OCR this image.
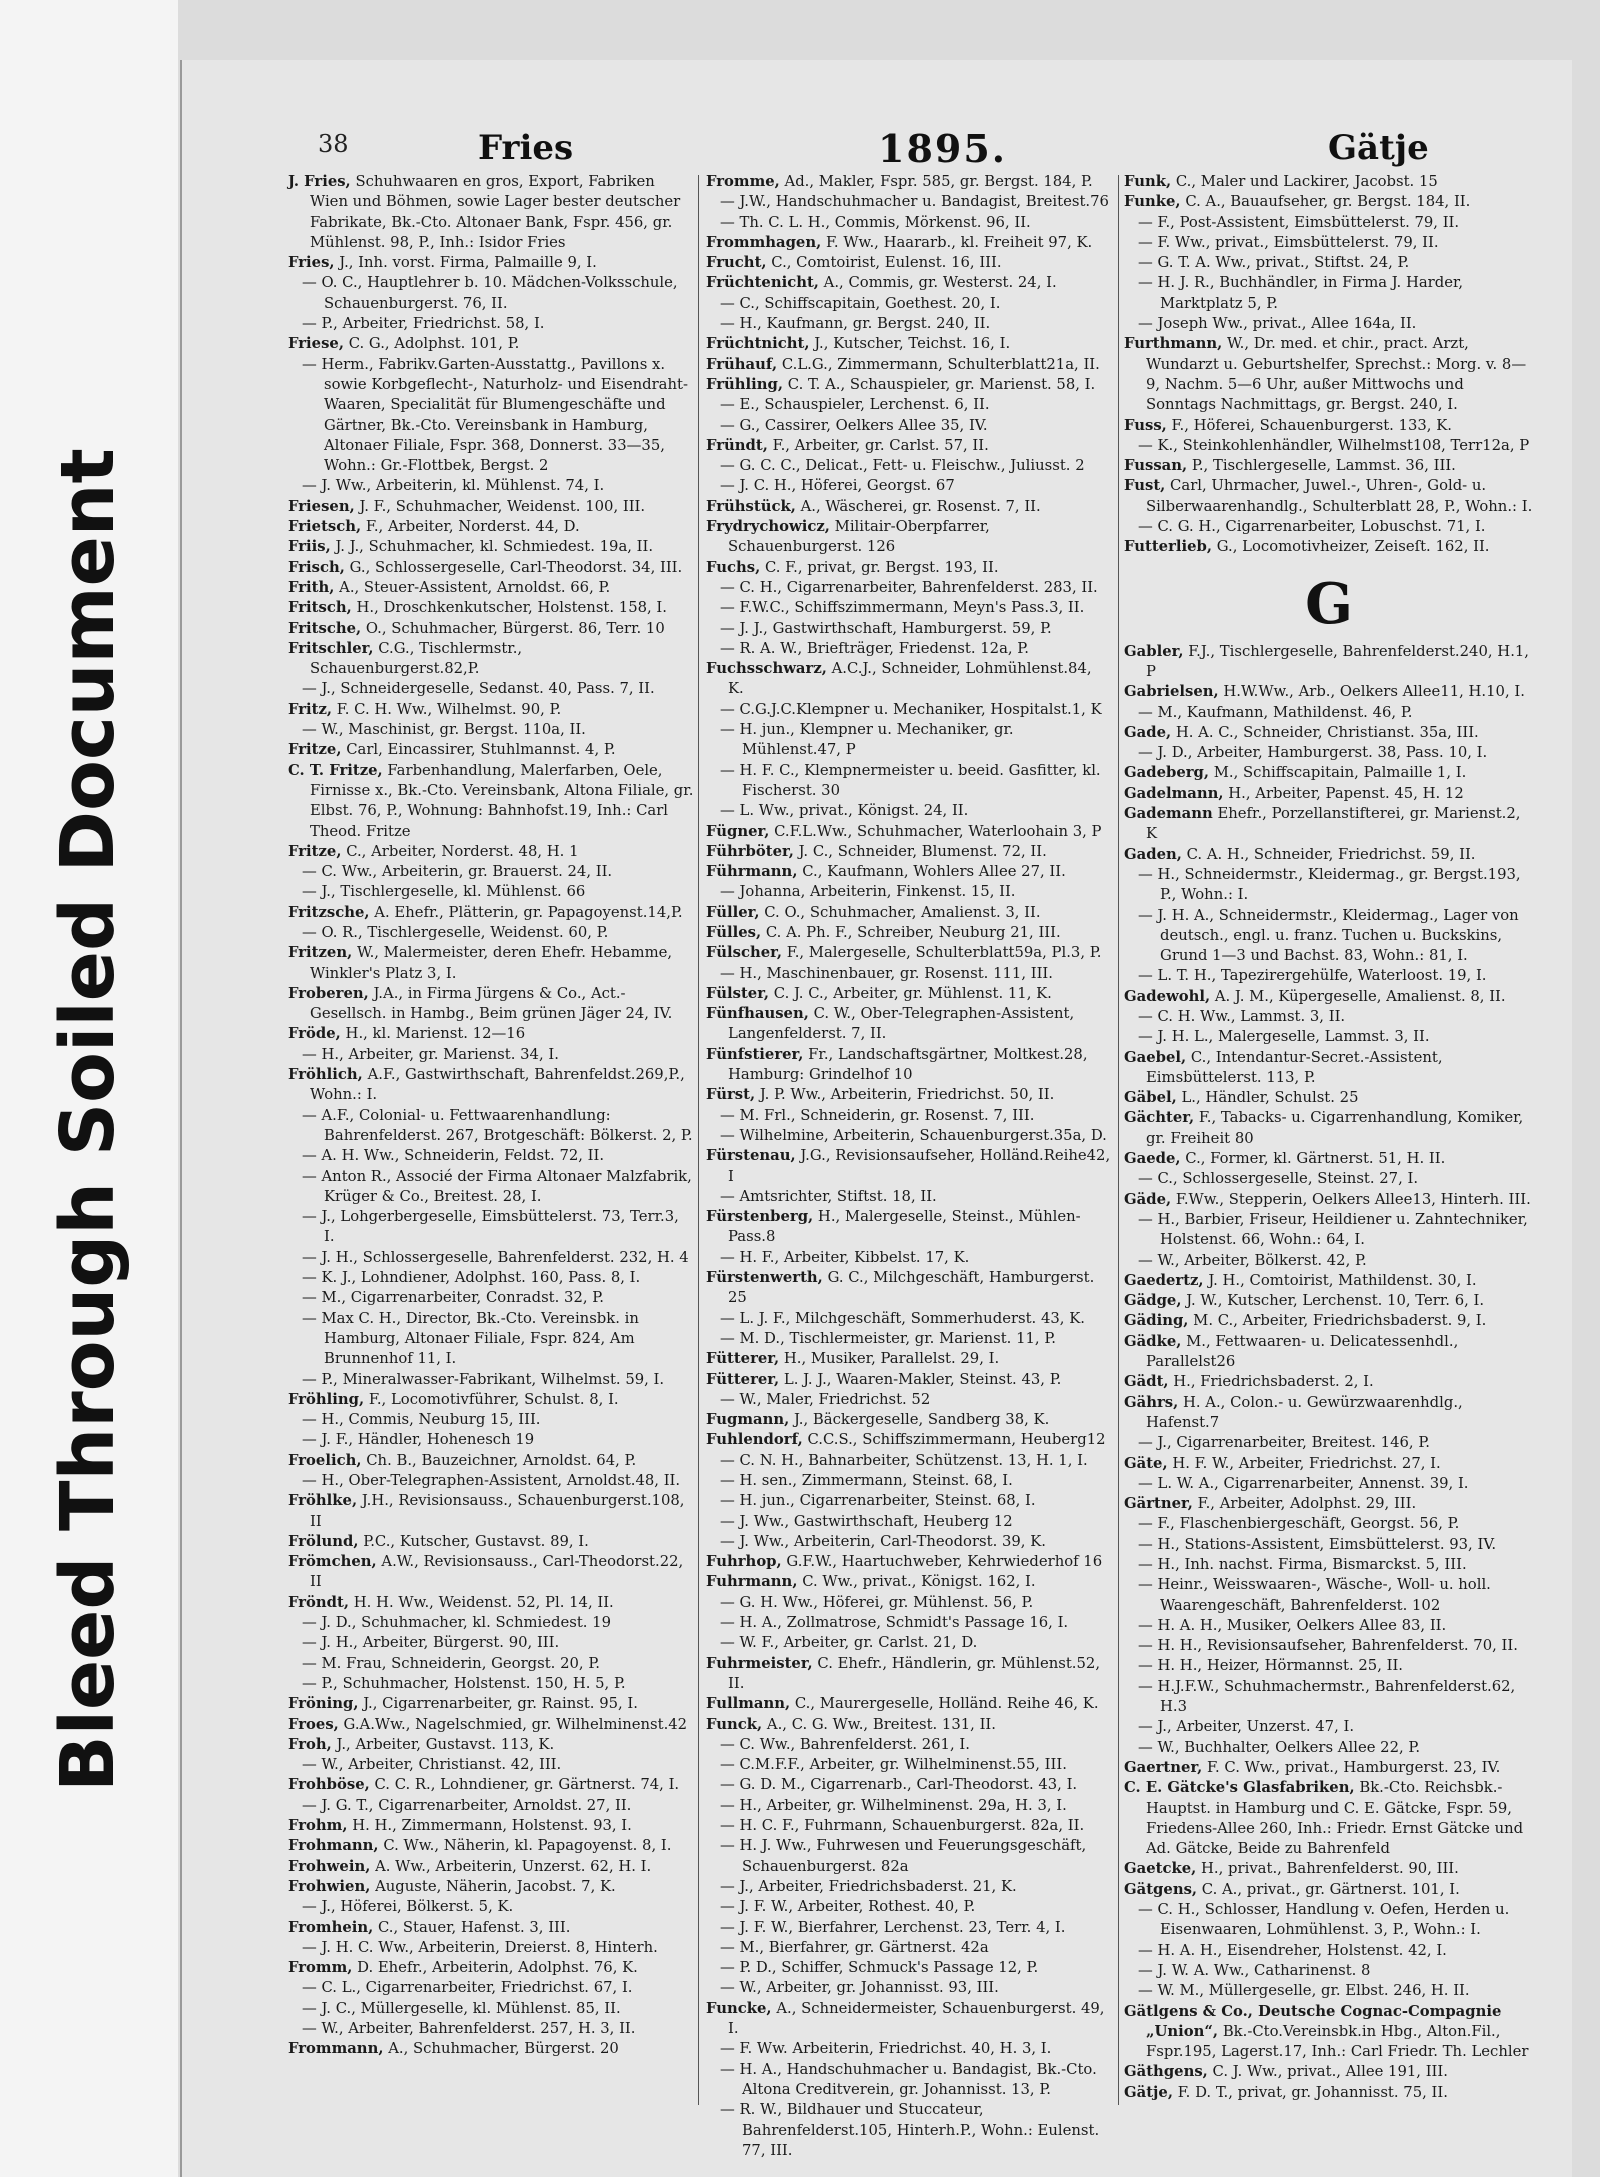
Bleed Through
Soiled Document
38	Fries	1895.	Gätje

J. Fries, Schuhwaaren en gros, Export, Fabriken Wien und Böhmen, sowie Lager bester deutscher Fabrikate, Bk.-Cto. Altonaer Bank, Fspr. 456, gr. Mühlenst. 98, P., Inh.: Isidor Fries

Fries, J., Inh. vorst. Firma, Palmaille 9, I.

— O. C., Hauptlehrer b. 10. Mädchen-Volksschule, Schauenburgerst. 76, II.

— P., Arbeiter, Friedrichst. 58, I.

Friese, C. G., Adolphst. 101, P.

— Herm., Fabrikv.Garten-Ausstattg., Pavillons x. sowie Korbgeflecht-, Naturholz- und Eisendraht-Waaren, Specialität für Blumengeschäfte und Gärtner, Bk.-Cto. Vereinsbank in Hamburg, Altonaer Filiale, Fspr. 368, Donnerst. 33—35, Wohn.: Gr.-Flottbek, Bergst. 2

— J. Ww., Arbeiterin, kl. Mühlenst. 74, I.

Friesen, J. F., Schuhmacher, Weidenst. 100, III.

Frietsch, F., Arbeiter, Norderst. 44, D.

Friis, J. J., Schuhmacher, kl. Schmiedest. 19a, II.

Frisch, G., Schlossergeselle, Carl-Theodorst. 34, III.

Frith, A., Steuer-Assistent, Arnoldst. 66, P.

Fritsch, H., Droschkenkutscher, Holstenst. 158, I.

Fritsche, O., Schuhmacher, Bürgerst. 86, Terr. 10

Fritschler, C.G., Tischlermstr., Schauenburgerst.82,P.

— J., Schneidergeselle, Sedanst. 40, Pass. 7, II.

Fritz, F. C. H. Ww., Wilhelmst. 90, P.

— W., Maschinist, gr. Bergst. 110a, II.

Fritze, Carl, Eincassirer, Stuhlmannst. 4, P.

C. T. Fritze, Farbenhandlung, Malerfarben, Oele, Firnisse x., Bk.-Cto. Vereinsbank, Altona Filiale, gr. Elbst. 76, P., Wohnung: Bahnhofst.19, Inh.: Carl Theod. Fritze

Fritze, C., Arbeiter, Norderst. 48, H. 1

— C. Ww., Arbeiterin, gr. Brauerst. 24, II.

— J., Tischlergeselle, kl. Mühlenst. 66

Fritzsche, A. Ehefr., Plätterin, gr. Papagoyenst.14,P.

— O. R., Tischlergeselle, Weidenst. 60, P.

Fritzen, W., Malermeister, deren Ehefr. Hebamme, Winkler's Platz 3, I.

Froberen, J.A., in Firma Jürgens & Co., Act.-Gesellsch. in Hambg., Beim grünen Jäger 24, IV.

Fröde, H., kl. Marienst. 12—16

— H., Arbeiter, gr. Marienst. 34, I.

Fröhlich, A.F., Gastwirthschaft, Bahrenfeldst.269,P., Wohn.: I.

— A.F., Colonial- u. Fettwaarenhandlung: Bahrenfelderst. 267, Brotgeschäft: Bölkerst. 2, P.

— A. H. Ww., Schneiderin, Feldst. 72, II.

— Anton R., Associé der Firma Altonaer Malzfabrik, Krüger & Co., Breitest. 28, I.

— J., Lohgerbergeselle, Eimsbüttelerst. 73, Terr.3, I.

— J. H., Schlossergeselle, Bahrenfelderst. 232, H. 4

— K. J., Lohndiener, Adolphst. 160, Pass. 8, I.

— M., Cigarrenarbeiter, Conradst. 32, P.

— Max C. H., Director, Bk.-Cto. Vereinsbk. in Hamburg, Altonaer Filiale, Fspr. 824, Am Brunnenhof 11, I.

— P., Mineralwasser-Fabrikant, Wilhelmst. 59, I.

Fröhling, F., Locomotivführer, Schulst. 8, I.

— H., Commis, Neuburg 15, III.

— J. F., Händler, Hohenesch 19

Froelich, Ch. B., Bauzeichner, Arnoldst. 64, P.

— H., Ober-Telegraphen-Assistent, Arnoldst.48, II.

Fröhlke, J.H., Revisionsauss., Schauenburgerst.108, II

Frölund, P.C., Kutscher, Gustavst. 89, I.

Frömchen, A.W., Revisionsauss., Carl-Theodorst.22, II

Fröndt, H. H. Ww., Weidenst. 52, Pl. 14, II.

— J. D., Schuhmacher, kl. Schmiedest. 19

— J. H., Arbeiter, Bürgerst. 90, III.

— M. Frau, Schneiderin, Georgst. 20, P.

— P., Schuhmacher, Holstenst. 150, H. 5, P.

Fröning, J., Cigarrenarbeiter, gr. Rainst. 95, I.

Froes, G.A.Ww., Nagelschmied, gr. Wilhelminenst.42

Froh, J., Arbeiter, Gustavst. 113, K.

— W., Arbeiter, Christianst. 42, III.

Frohböse, C. C. R., Lohndiener, gr. Gärtnerst. 74, I.

— J. G. T., Cigarrenarbeiter, Arnoldst. 27, II.

Frohm, H. H., Zimmermann, Holstenst. 93, I.

Frohmann, C. Ww., Näherin, kl. Papagoyenst. 8, I.

Frohwein, A. Ww., Arbeiterin, Unzerst. 62, H. I.

Frohwien, Auguste, Näherin, Jacobst. 7, K.

— J., Höferei, Bölkerst. 5, K.

Fromhein, C., Stauer, Hafenst. 3, III.

— J. H. C. Ww., Arbeiterin, Dreierst. 8, Hinterh.

Fromm, D. Ehefr., Arbeiterin, Adolphst. 76, K.

— C. L., Cigarrenarbeiter, Friedrichst. 67, I.

— J. C., Müllergeselle, kl. Mühlenst. 85, II.

— W., Arbeiter, Bahrenfelderst. 257, H. 3, II.

Frommann, A., Schuhmacher, Bürgerst. 20

Fromme, Ad., Makler, Fspr. 585, gr. Bergst. 184, P.

— J.W., Handschuhmacher u. Bandagist, Breitest.76

— Th. C. L. H., Commis, Mörkenst. 96, II.

Frommhagen, F. Ww., Haararb., kl. Freiheit 97, K.

Frucht, C., Comtoirist, Eulenst. 16, III.

Früchtenicht, A., Commis, gr. Westerst. 24, I.

— C., Schiffscapitain, Goethest. 20, I.

— H., Kaufmann, gr. Bergst. 240, II.

Früchtnicht, J., Kutscher, Teichst. 16, I.

Frühauf, C.L.G., Zimmermann, Schulterblatt21a, II.

Frühling, C. T. A., Schauspieler, gr. Marienst. 58, I.

— E., Schauspieler, Lerchenst. 6, II.

— G., Cassirer, Oelkers Allee 35, IV.

Fründt, F., Arbeiter, gr. Carlst. 57, II.

— G. C. C., Delicat., Fett- u. Fleischw., Juliusst. 2

— J. C. H., Höferei, Georgst. 67

Frühstück, A., Wäscherei, gr. Rosenst. 7, II.

Frydrychowicz, Militair-Oberpfarrer, Schauenburgerst. 126

Fuchs, C. F., privat, gr. Bergst. 193, II.

— C. H., Cigarrenarbeiter, Bahrenfelderst. 283, II.

— F.W.C., Schiffszimmermann, Meyn's Pass.3, II.

— J. J., Gastwirthschaft, Hamburgerst. 59, P.

— R. A. W., Briefträger, Friedenst. 12a, P.

Fuchsschwarz, A.C.J., Schneider, Lohmühlenst.84, K.

— C.G.J.C.Klempner u. Mechaniker, Hospitalst.1, K

— H. jun., Klempner u. Mechaniker, gr. Mühlenst.47, P

— H. F. C., Klempnermeister u. beeid. Gasfitter, kl. Fischerst. 30

— L. Ww., privat., Königst. 24, II.

Fügner, C.F.L.Ww., Schuhmacher, Waterloohain 3, P

Führböter, J. C., Schneider, Blumenst. 72, II.

Führmann, C., Kaufmann, Wohlers Allee 27, II.

— Johanna, Arbeiterin, Finkenst. 15, II.

Füller, C. O., Schuhmacher, Amalienst. 3, II.

Fülles, C. A. Ph. F., Schreiber, Neuburg 21, III.

Fülscher, F., Malergeselle, Schulterblatt59a, Pl.3, P.

— H., Maschinenbauer, gr. Rosenst. 111, III.

Fülster, C. J. C., Arbeiter, gr. Mühlenst. 11, K.

Fünfhausen, C. W., Ober-Telegraphen-Assistent, Langenfelderst. 7, II.

Fünfstierer, Fr., Landschaftsgärtner, Moltkest.28, Hamburg: Grindelhof 10

Fürst, J. P. Ww., Arbeiterin, Friedrichst. 50, II.

— M. Frl., Schneiderin, gr. Rosenst. 7, III.

— Wilhelmine, Arbeiterin, Schauenburgerst.35a, D.

Fürstenau, J.G., Revisionsaufseher, Holländ.Reihe42, I

— Amtsrichter, Stiftst. 18, II.

Fürstenberg, H., Malergeselle, Steinst., Mühlen-Pass.8

— H. F., Arbeiter, Kibbelst. 17, K.

Fürstenwerth, G. C., Milchgeschäft, Hamburgerst. 25

— L. J. F., Milchgeschäft, Sommerhuderst. 43, K.

— M. D., Tischlermeister, gr. Marienst. 11, P.

Fütterer, H., Musiker, Parallelst. 29, I.

Fütterer, L. J. J., Waaren-Makler, Steinst. 43, P.

— W., Maler, Friedrichst. 52

Fugmann, J., Bäckergeselle, Sandberg 38, K.

Fuhlendorf, C.C.S., Schiffszimmermann, Heuberg12

— C. N. H., Bahnarbeiter, Schützenst. 13, H. 1, I.

— H. sen., Zimmermann, Steinst. 68, I.

— H. jun., Cigarrenarbeiter, Steinst. 68, I.

— J. Ww., Gastwirthschaft, Heuberg 12

— J. Ww., Arbeiterin, Carl-Theodorst. 39, K.

Fuhrhop, G.F.W., Haartuchweber, Kehrwiederhof 16

Fuhrmann, C. Ww., privat., Königst. 162, I.

— G. H. Ww., Höferei, gr. Mühlenst. 56, P.

— H. A., Zollmatrose, Schmidt's Passage 16, I.

— W. F., Arbeiter, gr. Carlst. 21, D.

Fuhrmeister, C. Ehefr., Händlerin, gr. Mühlenst.52, II.

Fullmann, C., Maurergeselle, Holländ. Reihe 46, K.

Funck, A., C. G. Ww., Breitest. 131, II.

— C. Ww., Bahrenfelderst. 261, I.

— C.M.F.F., Arbeiter, gr. Wilhelminenst.55, III.

— G. D. M., Cigarrenarb., Carl-Theodorst. 43, I.

— H., Arbeiter, gr. Wilhelminenst. 29a, H. 3, I.

— H. C. F., Fuhrmann, Schauenburgerst. 82a, II.

— H. J. Ww., Fuhrwesen und Feuerungsgeschäft, Schauenburgerst. 82a

— J., Arbeiter, Friedrichsbaderst. 21, K.

— J. F. W., Arbeiter, Rothest. 40, P.

— J. F. W., Bierfahrer, Lerchenst. 23, Terr. 4, I.

— M., Bierfahrer, gr. Gärtnerst. 42a

— P. D., Schiffer, Schmuck's Passage 12, P.

— W., Arbeiter, gr. Johannisst. 93, III.

Funcke, A., Schneidermeister, Schauenburgerst. 49, I.

— F. Ww. Arbeiterin, Friedrichst. 40, H. 3, I.

— H. A., Handschuhmacher u. Bandagist, Bk.-Cto. Altona Creditverein, gr. Johannisst. 13, P.

— R. W., Bildhauer und Stuccateur, Bahrenfelderst.105, Hinterh.P., Wohn.: Eulenst. 77, III.

Funk, C., Maler und Lackirer, Jacobst. 15

Funke, C. A., Bauaufseher, gr. Bergst. 184, II.

— F., Post-Assistent, Eimsbüttelerst. 79, II.

— F. Ww., privat., Eimsbüttelerst. 79, II.

— G. T. A. Ww., privat., Stiftst. 24, P.

— H. J. R., Buchhändler, in Firma J. Harder, Marktplatz 5, P.

— Joseph Ww., privat., Allee 164a, II.

Furthmann, W., Dr. med. et chir., pract. Arzt, Wundarzt u. Geburtshelfer, Sprechst.: Morg. v. 8—9, Nachm. 5—6 Uhr, außer Mittwochs und Sonntags Nachmittags, gr. Bergst. 240, I.

Fuss, F., Höferei, Schauenburgerst. 133, K.

— K., Steinkohlenhändler, Wilhelmst108, Terr12a, P

Fussan, P., Tischlergeselle, Lammst. 36, III.

Fust, Carl, Uhrmacher, Juwel.-, Uhren-, Gold- u. Silberwaarenhandlg., Schulterblatt 28, P., Wohn.: I.

— C. G. H., Cigarrenarbeiter, Lobuschst. 71, I.

Futterlieb, G., Locomotivheizer, Zeiseſt. 162, II.

G

Gabler, F.J., Tischlergeselle, Bahrenfelderst.240, H.1, P

Gabrielsen, H.W.Ww., Arb., Oelkers Allee11, H.10, I.

— M., Kaufmann, Mathildenst. 46, P.

Gade, H. A. C., Schneider, Christianst. 35a, III.

— J. D., Arbeiter, Hamburgerst. 38, Pass. 10, I.

Gadeberg, M., Schiffscapitain, Palmaille 1, I.

Gadelmann, H., Arbeiter, Papenst. 45, H. 12

Gademann Ehefr., Porzellanstifterei, gr. Marienst.2, K

Gaden, C. A. H., Schneider, Friedrichst. 59, II.

— H., Schneidermstr., Kleidermag., gr. Bergst.193, P., Wohn.: I.

— J. H. A., Schneidermstr., Kleidermag., Lager von deutsch., engl. u. franz. Tuchen u. Buckskins, Grund 1—3 und Bachst. 83, Wohn.: 81, I.

— L. T. H., Tapezirergehülfe, Waterloost. 19, I.

Gadewohl, A. J. M., Küpergeselle, Amalienst. 8, II.

— C. H. Ww., Lammst. 3, II.

— J. H. L., Malergeselle, Lammst. 3, II.

Gaebel, C., Intendantur-Secret.-Assistent, Eimsbüttelerst. 113, P.

Gäbel, L., Händler, Schulst. 25

Gächter, F., Tabacks- u. Cigarrenhandlung, Komiker, gr. Freiheit 80

Gaede, C., Former, kl. Gärtnerst. 51, H. II.

— C., Schlossergeselle, Steinst. 27, I.

Gäde, F.Ww., Stepperin, Oelkers Allee13, Hinterh. III.

— H., Barbier, Friseur, Heildiener u. Zahntechniker, Holstenst. 66, Wohn.: 64, I.

— W., Arbeiter, Bölkerst. 42, P.

Gaedertz, J. H., Comtoirist, Mathildenst. 30, I.

Gädge, J. W., Kutscher, Lerchenst. 10, Terr. 6, I.

Gäding, M. C., Arbeiter, Friedrichsbaderst. 9, I.

Gädke, M., Fettwaaren- u. Delicatessenhdl., Parallelst26

Gädt, H., Friedrichsbaderst. 2, I.

Gährs, H. A., Colon.- u. Gewürzwaarenhdlg., Hafenst.7

— J., Cigarrenarbeiter, Breitest. 146, P.

Gäte, H. F. W., Arbeiter, Friedrichst. 27, I.

— L. W. A., Cigarrenarbeiter, Annenst. 39, I.

Gärtner, F., Arbeiter, Adolphst. 29, III.

— F., Flaschenbiergeschäft, Georgst. 56, P.

— H., Stations-Assistent, Eimsbüttelerst. 93, IV.

— H., Inh. nachst. Firma, Bismarckst. 5, III.

— Heinr., Weisswaaren-, Wäsche-, Woll- u. holl. Waarengeschäft, Bahrenfelderst. 102

— H. A. H., Musiker, Oelkers Allee 83, II.

— H. H., Revisionsaufseher, Bahrenfelderst. 70, II.

— H. H., Heizer, Hörmannst. 25, II.

— H.J.F.W., Schuhmachermstr., Bahrenfelderst.62, H.3

— J., Arbeiter, Unzerst. 47, I.

— W., Buchhalter, Oelkers Allee 22, P.

Gaertner, F. C. Ww., privat., Hamburgerst. 23, IV.

C. E. Gätcke's Glasfabriken, Bk.-Cto. Reichsbk.-Hauptst. in Hamburg und C. E. Gätcke, Fspr. 59, Friedens-Allee 260, Inh.: Friedr. Ernst Gätcke und Ad. Gätcke, Beide zu Bahrenfeld

Gaetcke, H., privat., Bahrenfelderst. 90, III.

Gätgens, C. A., privat., gr. Gärtnerst. 101, I.

— C. H., Schlosser, Handlung v. Oefen, Herden u. Eisenwaaren, Lohmühlenst. 3, P., Wohn.: I.

— H. A. H., Eisendreher, Holstenst. 42, I.

— J. W. A. Ww., Catharinenst. 8

— W. M., Müllergeselle, gr. Elbst. 246, H. II.

Gätlgens & Co., Deutsche Cognac-Compagnie „Union“, Bk.-Cto.Vereinsbk.in Hbg., Alton.Fil., Fspr.195, Lagerst.17, Inh.: Carl Friedr. Th. Lechler

Gäthgens, C. J. Ww., privat., Allee 191, III.

Gätje, F. D. T., privat, gr. Johannisst. 75, II.
